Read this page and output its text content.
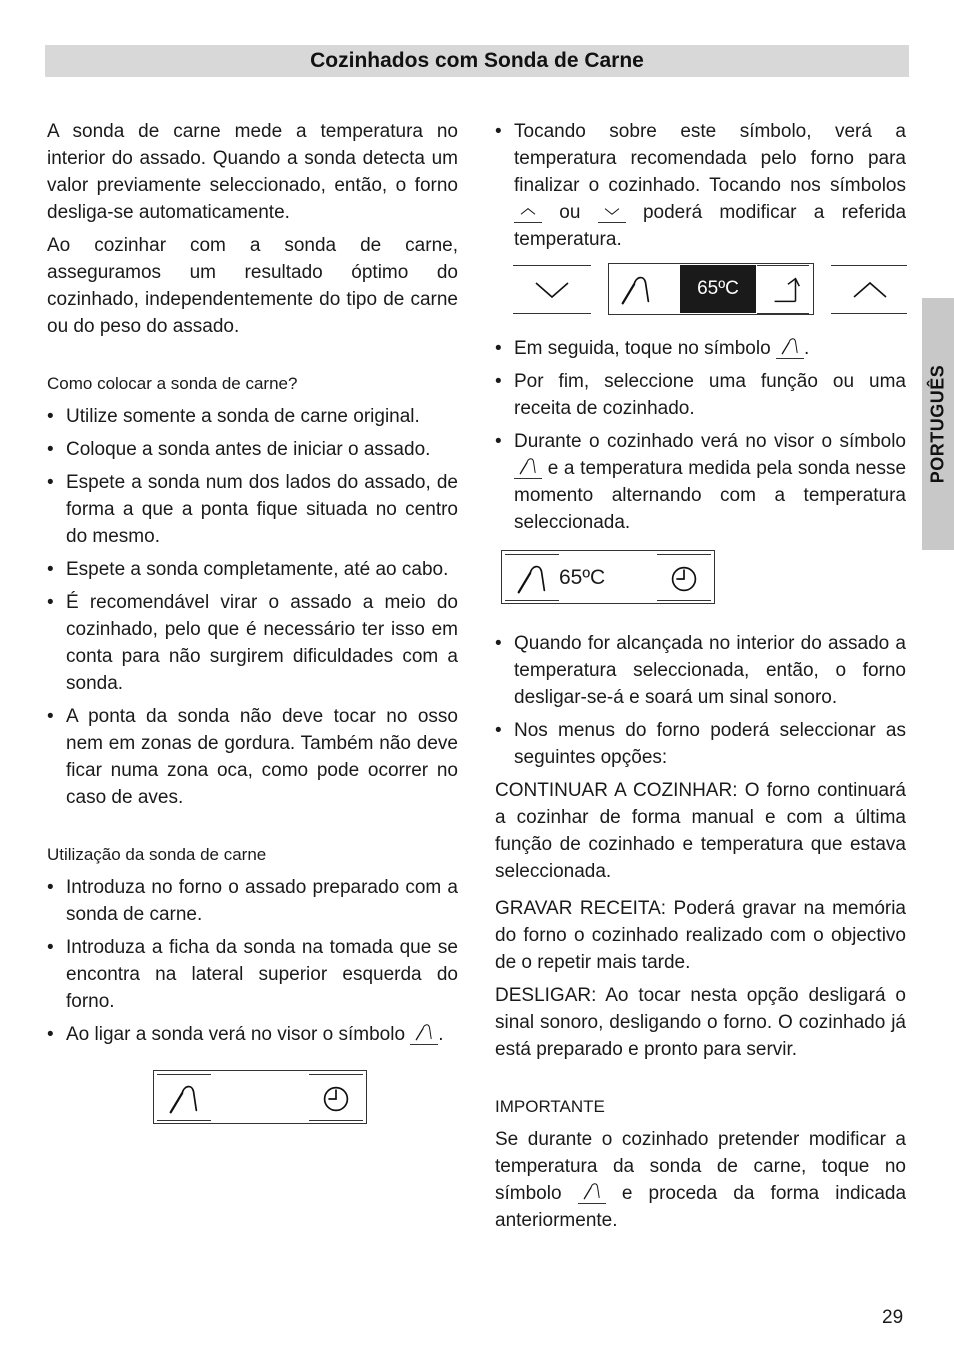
Cozinhados com Sonda de Carne
PORTUGUÊS

A sonda de carne mede a temperatura no interior do assado. Quando a sonda detecta um valor previamente seleccionado, então, o forno desliga-se automaticamente.

Ao cozinhar com a sonda de carne, asseguramos um resultado óptimo do cozinhado, independentemente do tipo de carne ou do peso do assado.

Como colocar a sonda de carne?
• Utilize somente a sonda de carne original.
• Coloque a sonda antes de iniciar o assado.
• Espete a sonda num dos lados do assado, de forma a que a ponta fique situada no centro do mesmo.
• Espete a sonda completamente, até ao cabo.
• É recomendável virar o assado a meio do cozinhado, pelo que é necessário ter isso em conta para não surgirem dificuldades com a sonda.
• A ponta da sonda não deve tocar no osso nem em zonas de gordura. Também não deve ficar numa zona oca, como pode ocorrer no caso de aves.
Utilização da sonda de carne
• Introduza no forno o assado preparado com a sonda de carne.
• Introduza a ficha da sonda na tomada que se encontra na lateral superior esquerda do forno.
• Ao ligar a sonda verá no visor o símbolo .
• Tocando sobre este símbolo, verá a temperatura recomendada pelo forno para finalizar o cozinhado. Tocando nos símbolos  ou	poderá modificar a referida temperatura.
65ºC
• Em seguida, toque no símbolo .
• Por fim, seleccione uma função ou uma receita de cozinhado.
• Durante o cozinhado verá no visor o símbolo  e a temperatura medida pela sonda nesse momento alternando com a temperatura seleccionada.
65ºC
• Quando for alcançada no interior do assado a temperatura seleccionada, então, o forno desligar-se-á e soará um sinal sonoro.
• Nos menus do forno poderá seleccionar as seguintes opções:

CONTINUAR A COZINHAR: O forno continuará a cozinhar de forma manual e com a última função de cozinhado e temperatura que estava seleccionada.

GRAVAR RECEITA: Poderá gravar na memória do forno o cozinhado realizado com o objectivo de o repetir mais tarde.

DESLIGAR: Ao tocar nesta opção desligará o sinal sonoro, desligando o forno. O cozinhado já está preparado e pronto para servir.

IMPORTANTE

Se durante o cozinhado pretender modificar a temperatura da sonda de carne, toque no símbolo	e proceda da forma indicada anteriormente.

29
